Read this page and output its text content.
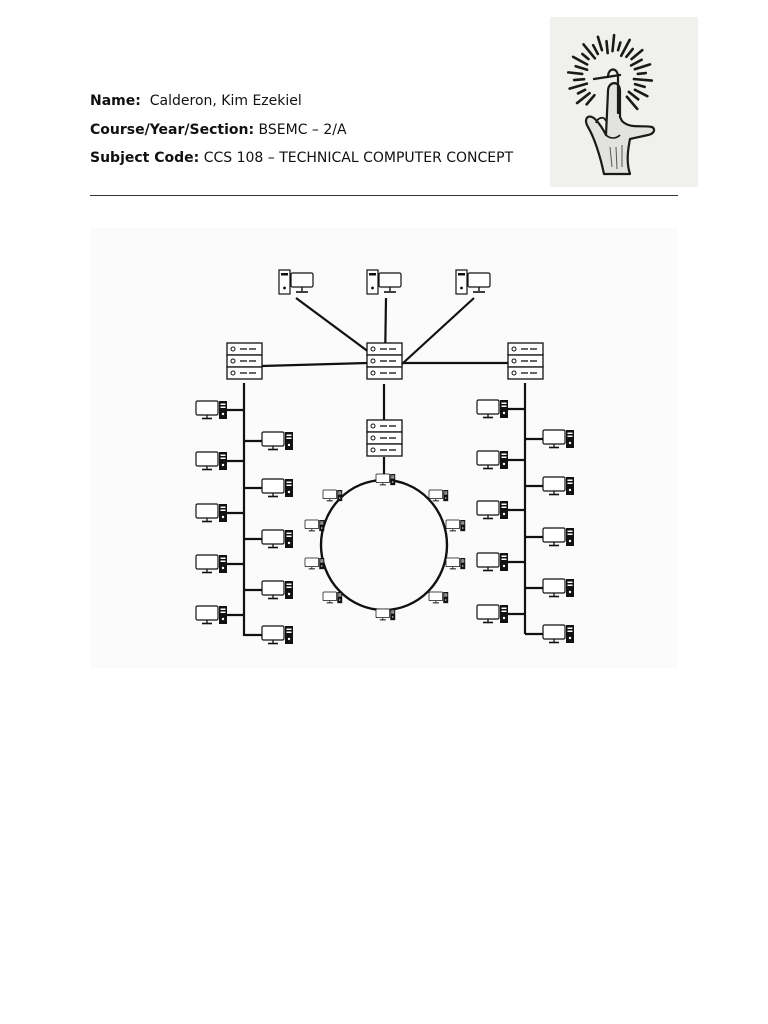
Name: Calderon, Kim Ezekiel
Course/Year/Section: BSEMC – 2/A
Subject Code: CCS 108 – TECHNICAL COMPUTER CONCEPT
